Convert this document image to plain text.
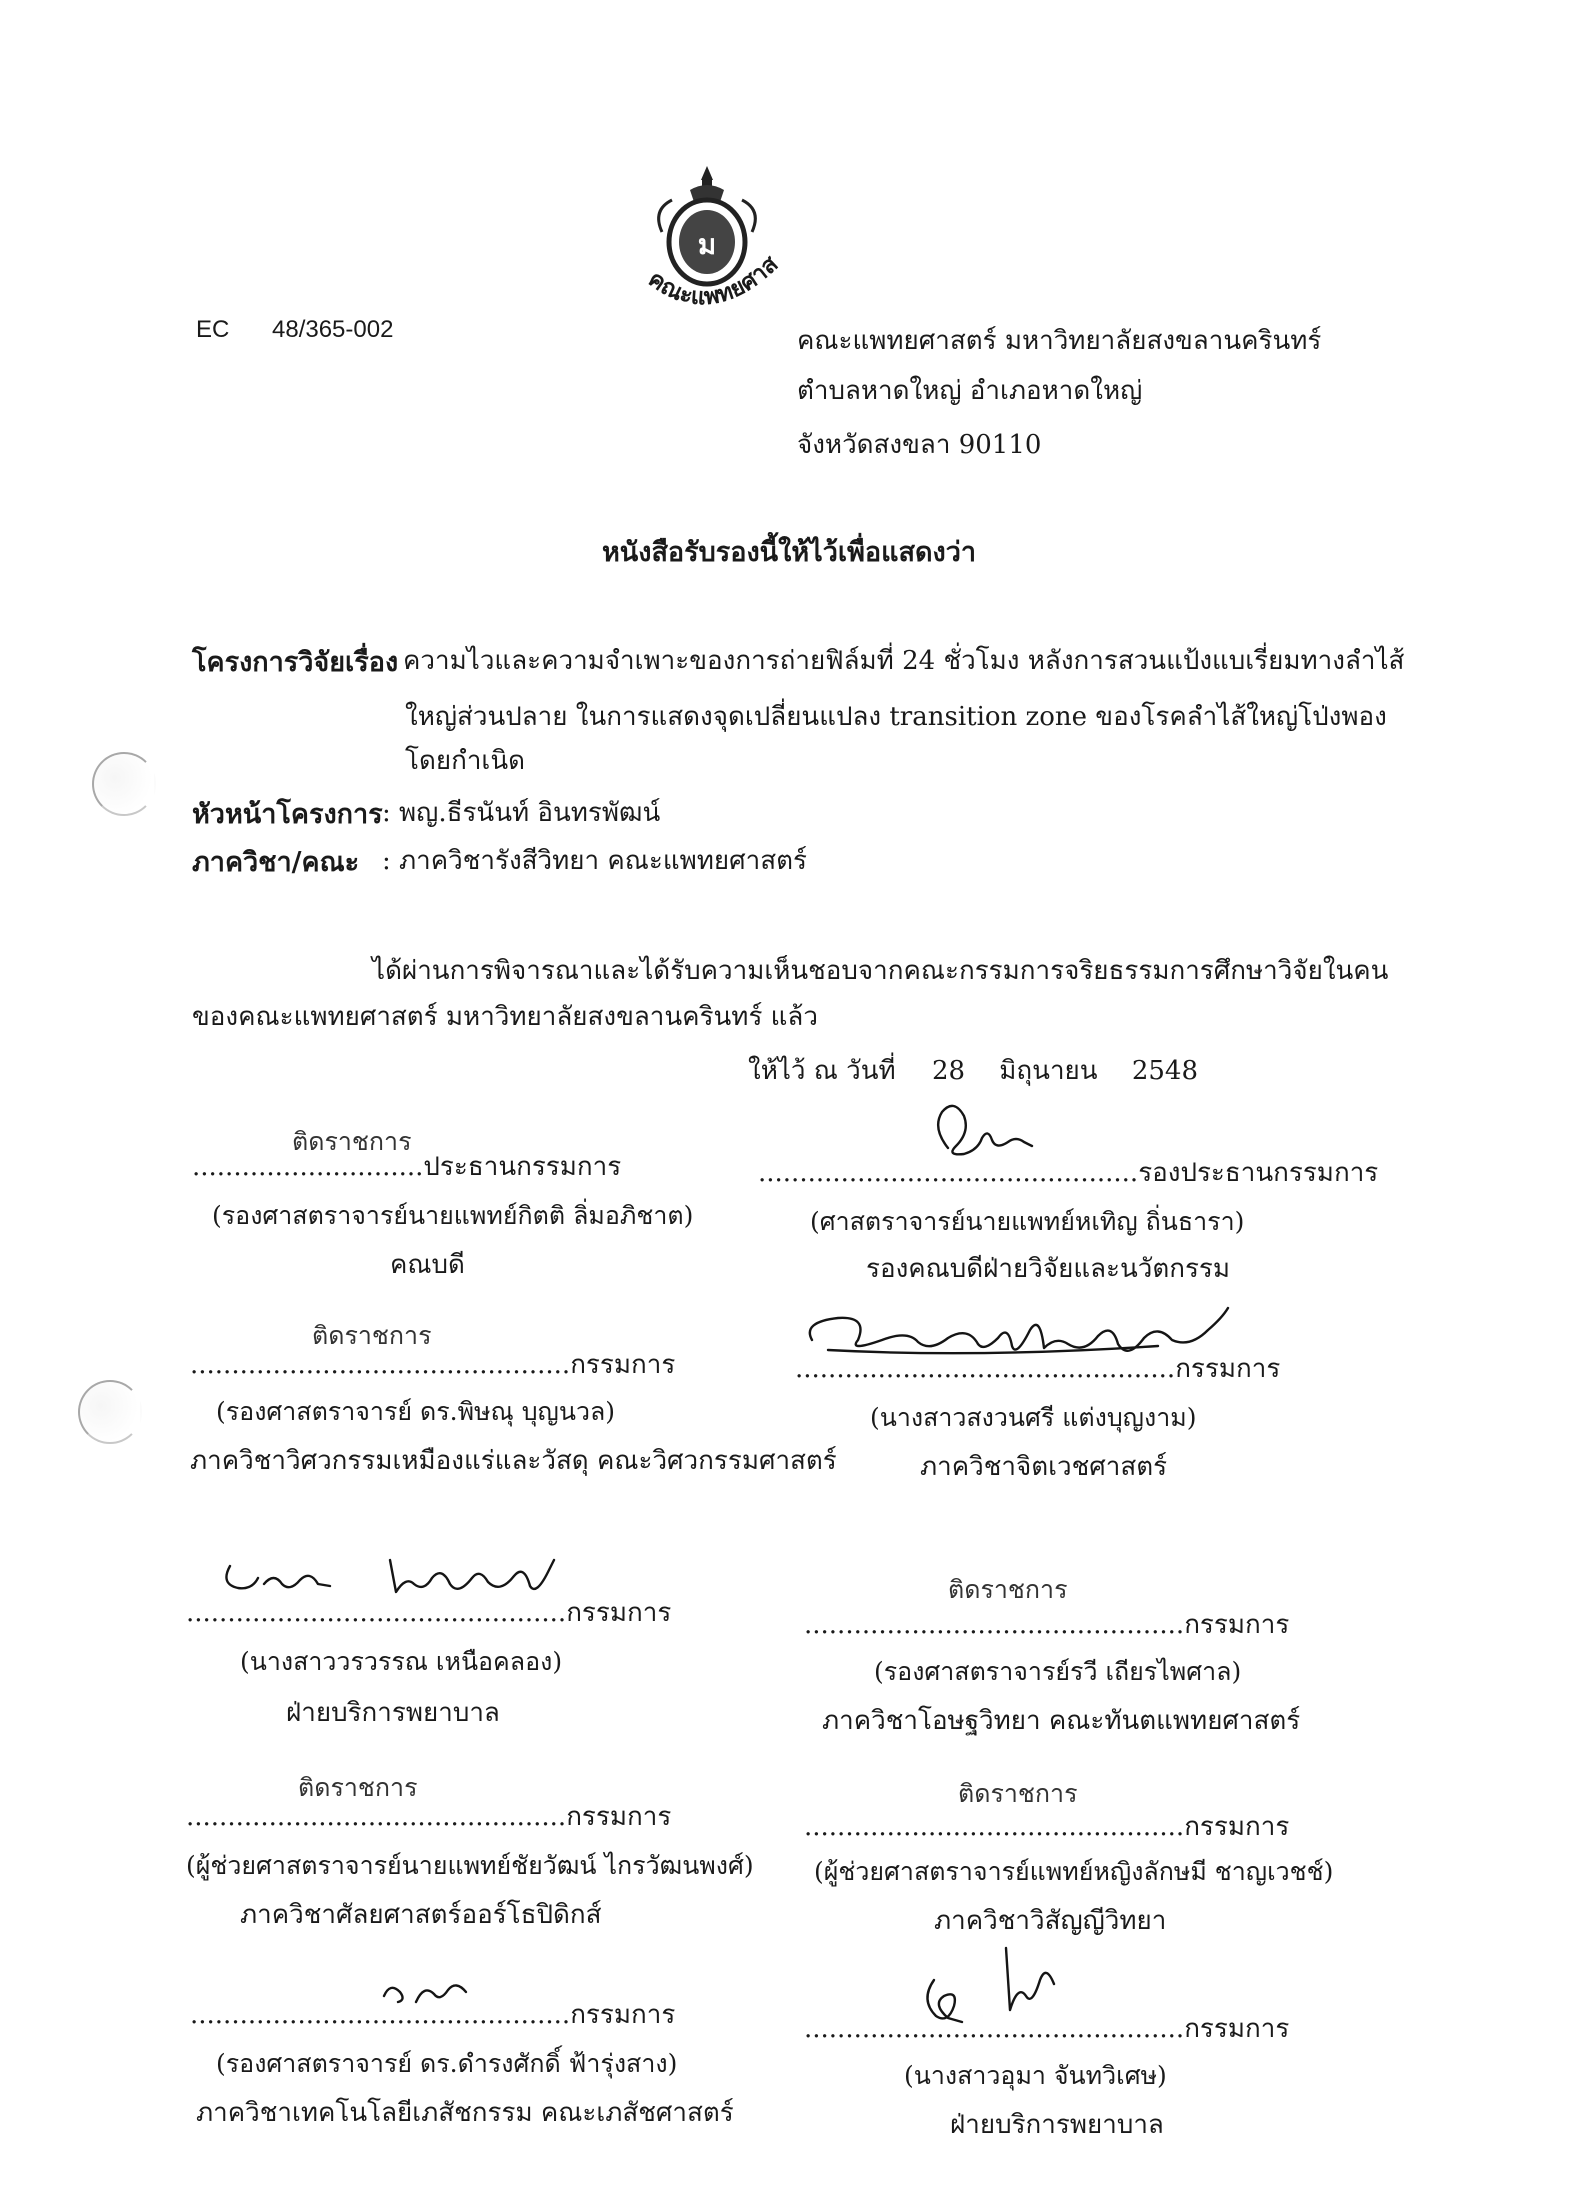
EC 48/365-002
ม
คณะแพทยศาส
คณะแพทยศาสตร์ มหาวิทยาลัยสงขลานครินทร์
ตำบลหาดใหญ่ อำเภอหาดใหญ่
จังหวัดสงขลา 90110
หนังสือรับรองนี้ให้ไว้เพื่อแสดงว่า
โครงการวิจัยเรื่อง
: ความไวและความจำเพาะของการถ่ายฟิล์มที่ 24 ชั่วโมง หลังการสวนแป้งแบเรี่ยมทางลำไส้
ใหญ่ส่วนปลาย ในการแสดงจุดเปลี่ยนแปลง transition zone ของโรคลำไส้ใหญ่โป่งพอง
โดยกำเนิด
หัวหน้าโครงการ : พญ.ธีรนันท์ อินทรพัฒน์
ภาควิชา/คณะ : ภาควิชารังสีวิทยา คณะแพทยศาสตร์
ได้ผ่านการพิจารณาและได้รับความเห็นชอบจากคณะกรรมการจริยธรรมการศึกษาวิจัยในคน
ของคณะแพทยศาสตร์ มหาวิทยาลัยสงขลานครินทร์ แล้ว
ให้ไว้ ณ วันที่ 28 มิถุนายน 2548
ติดราชการ
............................ประธานกรรมการ
(รองศาสตราจารย์นายแพทย์กิตติ ลิ่มอภิชาต)
คณบดี
..............................................รองประธานกรรมการ
(ศาสตราจารย์นายแพทย์หเทิญ ถิ่นธารา)
รองคณบดีฝ่ายวิจัยและนวัตกรรม
ติดราชการ
..............................................กรรมการ
(รองศาสตราจารย์ ดร.พิษณุ บุญนวล)
ภาควิชาวิศวกรรมเหมืองแร่และวัสดุ คณะวิศวกรรมศาสตร์
..............................................กรรมการ
(นางสาวสงวนศรี แต่งบุญงาม)
ภาควิชาจิตเวชศาสตร์
..............................................กรรมการ
(นางสาววรวรรณ เหนือคลอง)
ฝ่ายบริการพยาบาล
ติดราชการ
..............................................กรรมการ
(รองศาสตราจารย์รวี เถียรไพศาล)
ภาควิชาโอษฐวิทยา คณะทันตแพทยศาสตร์
ติดราชการ
..............................................กรรมการ
(ผู้ช่วยศาสตราจารย์นายแพทย์ชัยวัฒน์ ไกรวัฒนพงศ์)
ภาควิชาศัลยศาสตร์ออร์โธปิดิกส์
ติดราชการ
..............................................กรรมการ
(ผู้ช่วยศาสตราจารย์แพทย์หญิงลักษมี ชาญเวชช์)
ภาควิชาวิสัญญีวิทยา
..............................................กรรมการ
(รองศาสตราจารย์ ดร.ดำรงศักดิ์ ฟ้ารุ่งสาง)
ภาควิชาเทคโนโลยีเภสัชกรรม คณะเภสัชศาสตร์
..............................................กรรมการ
(นางสาวอุมา จันทวิเศษ)
ฝ่ายบริการพยาบาล
